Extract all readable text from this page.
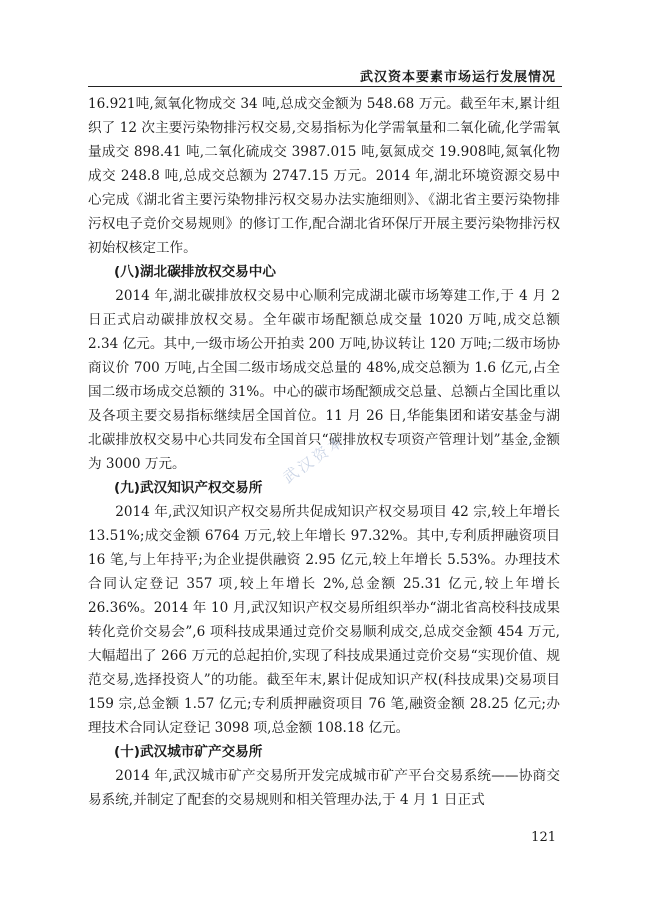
武汉资本要素市场运行发展情况

16.921吨,氮氧化物成交 34 吨,总成交金额为 548.68 万元。截至年末,累计组织了 12 次主要污染物排污权交易,交易指标为化学需氧量和二氧化硫,化学需氧量成交 898.41 吨,二氧化硫成交 3987.015 吨,氨氮成交 19.908吨,氮氧化物成交 248.8 吨,总成交总额为 2747.15 万元。2014 年,湖北环境资源交易中心完成《湖北省主要污染物排污权交易办法实施细则》、《湖北省主要污染物排污权电子竞价交易规则》的修订工作,配合湖北省环保厅开展主要污染物排污权初始权核定工作。

(八)湖北碳排放权交易中心

2014 年,湖北碳排放权交易中心顺利完成湖北碳市场筹建工作,于 4 月 2 日正式启动碳排放权交易。全年碳市场配额总成交量 1020 万吨,成交总额 2.34 亿元。其中,一级市场公开拍卖 200 万吨,协议转让 120 万吨;二级市场协商议价 700 万吨,占全国二级市场成交总量的 48%,成交总额为 1.6 亿元,占全国二级市场成交总额的 31%。中心的碳市场配额成交总量、总额占全国比重以及各项主要交易指标继续居全国首位。11 月 26 日,华能集团和诺安基金与湖北碳排放权交易中心共同发布全国首只“碳排放权专项资产管理计划”基金,金额为 3000 万元。

(九)武汉知识产权交易所

2014 年,武汉知识产权交易所共促成知识产权交易项目 42 宗,较上年增长 13.51%;成交金额 6764 万元,较上年增长 97.32%。其中,专利质押融资项目 16 笔,与上年持平;为企业提供融资 2.95 亿元,较上年增长 5.53%。办理技术合同认定登记 357 项,较上年增长 2%,总金额 25.31 亿元,较上年增长 26.36%。2014 年 10 月,武汉知识产权交易所组织举办“湖北省高校科技成果转化竞价交易会”,6 项科技成果通过竞价交易顺利成交,总成交金额 454 万元,大幅超出了 266 万元的总起拍价,实现了科技成果通过竞价交易“实现价值、规范交易,选择投资人”的功能。截至年末,累计促成知识产权(科技成果)交易项目 159 宗,总金额 1.57 亿元;专利质押融资项目 76 笔,融资金额 28.25 亿元;办理技术合同认定登记 3098 项,总金额 108.18 亿元。

(十)武汉城市矿产交易所

2014 年,武汉城市矿产交易所开发完成城市矿产平台交易系统——协商交易系统,并制定了配套的交易规则和相关管理办法,于 4 月 1 日正式

武汉资本
121
